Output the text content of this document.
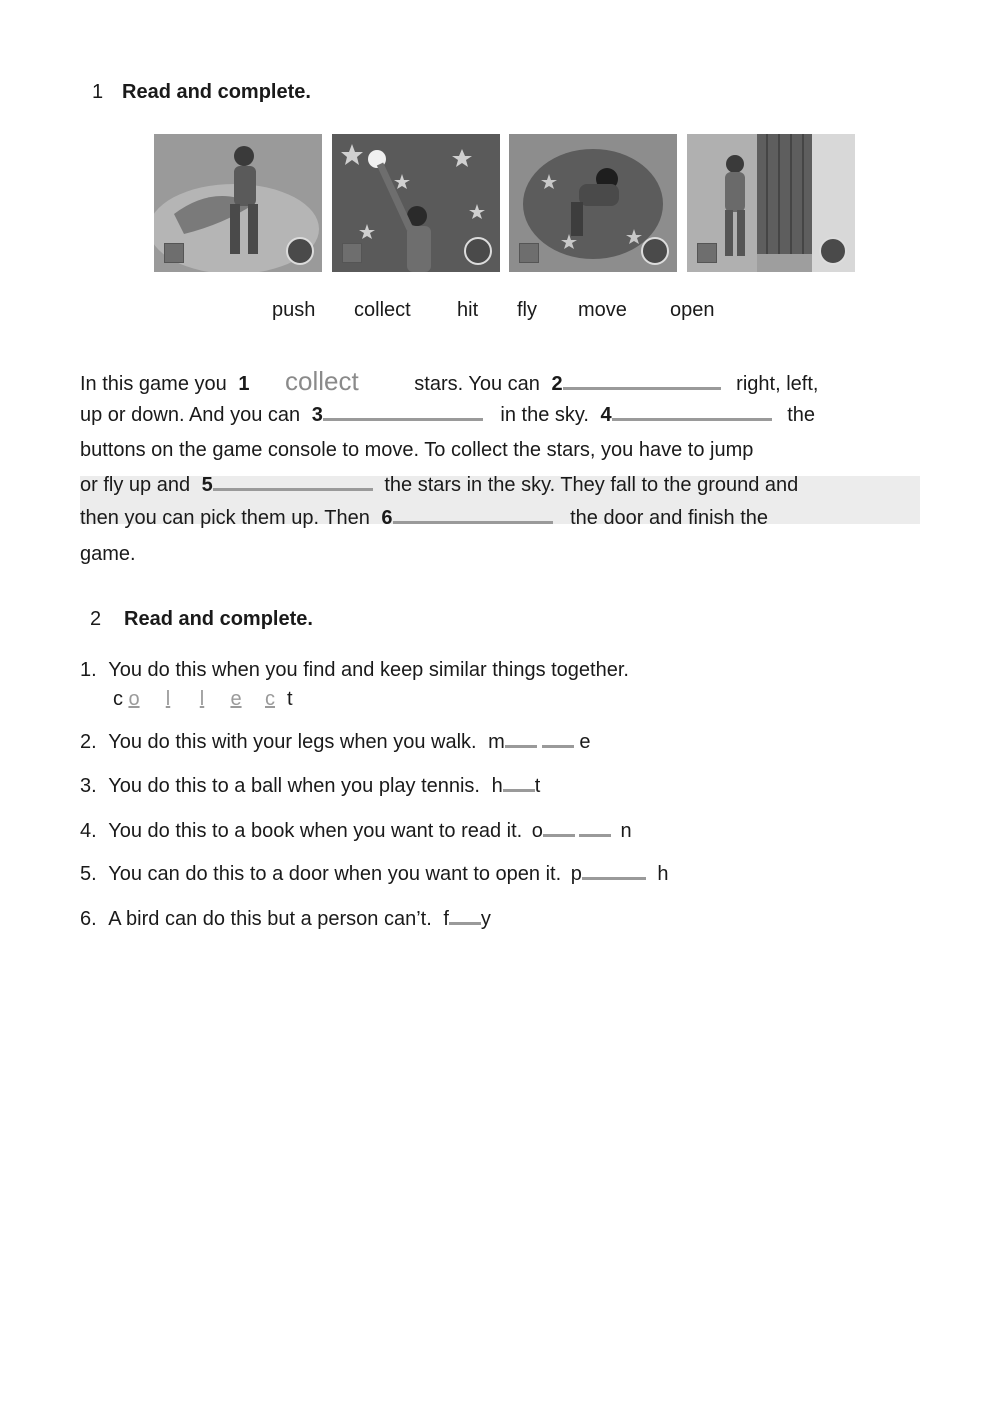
1 Read and complete.
push collect hit fly move open
In this game you 1 collect	stars. You can 2	right, left,
up or down. And you can 3	in the sky. 4	the
buttons on the game console to move. To collect the stars, you have to jump
or fly up and 5	the stars in the sky. They fall to the ground and
then you can pick them up. Then 6	the door and finish the
game.
2 Read and complete.
1. You do this when you find and keep similar things together.
c o l l e c t
2. You do this with your legs when you walk. m	e
3. You do this to a ball when you play tennis. h t
4. You do this to a book when you want to read it. o	n
5. You can do this to a door when you want to open it. p	h
6. A bird can do this but a person can’t. f y
